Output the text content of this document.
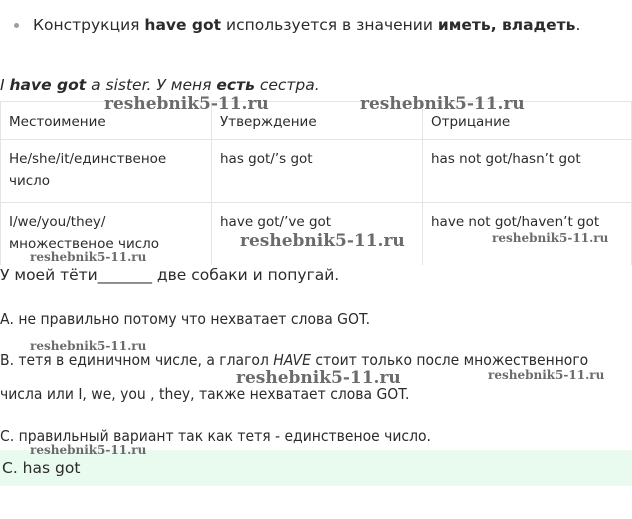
Конструкция have got используется в значении иметь, владеть.
I have got a sister. У меня есть сестра.
Местоимение	Утверждение	Отрицание
He/she/it/единственое число	has got/’s got	has not got/hasn’t got
I/we/you/they/ множественое число	have got/’ve got	have not got/haven’t got
У моей тёти_______ две собаки и попугай.
А. не правильно потому что нехватает слова GOT.
В. тетя в единичном числе, а глагол HAVE стоит только после множественного
числа или I, we, you , they, также нехватает слова GOT.
С. правильный вариант так как тетя - единственое число.
С. has got
reshebnik5-11.ru	reshebnik5-11.ru
reshebnik5-11.ru	reshebnik5-11.ru
reshebnik5-11.ru
reshebnik5-11.ru
reshebnik5-11.ru	reshebnik5-11.ru
reshebnik5-11.ru
